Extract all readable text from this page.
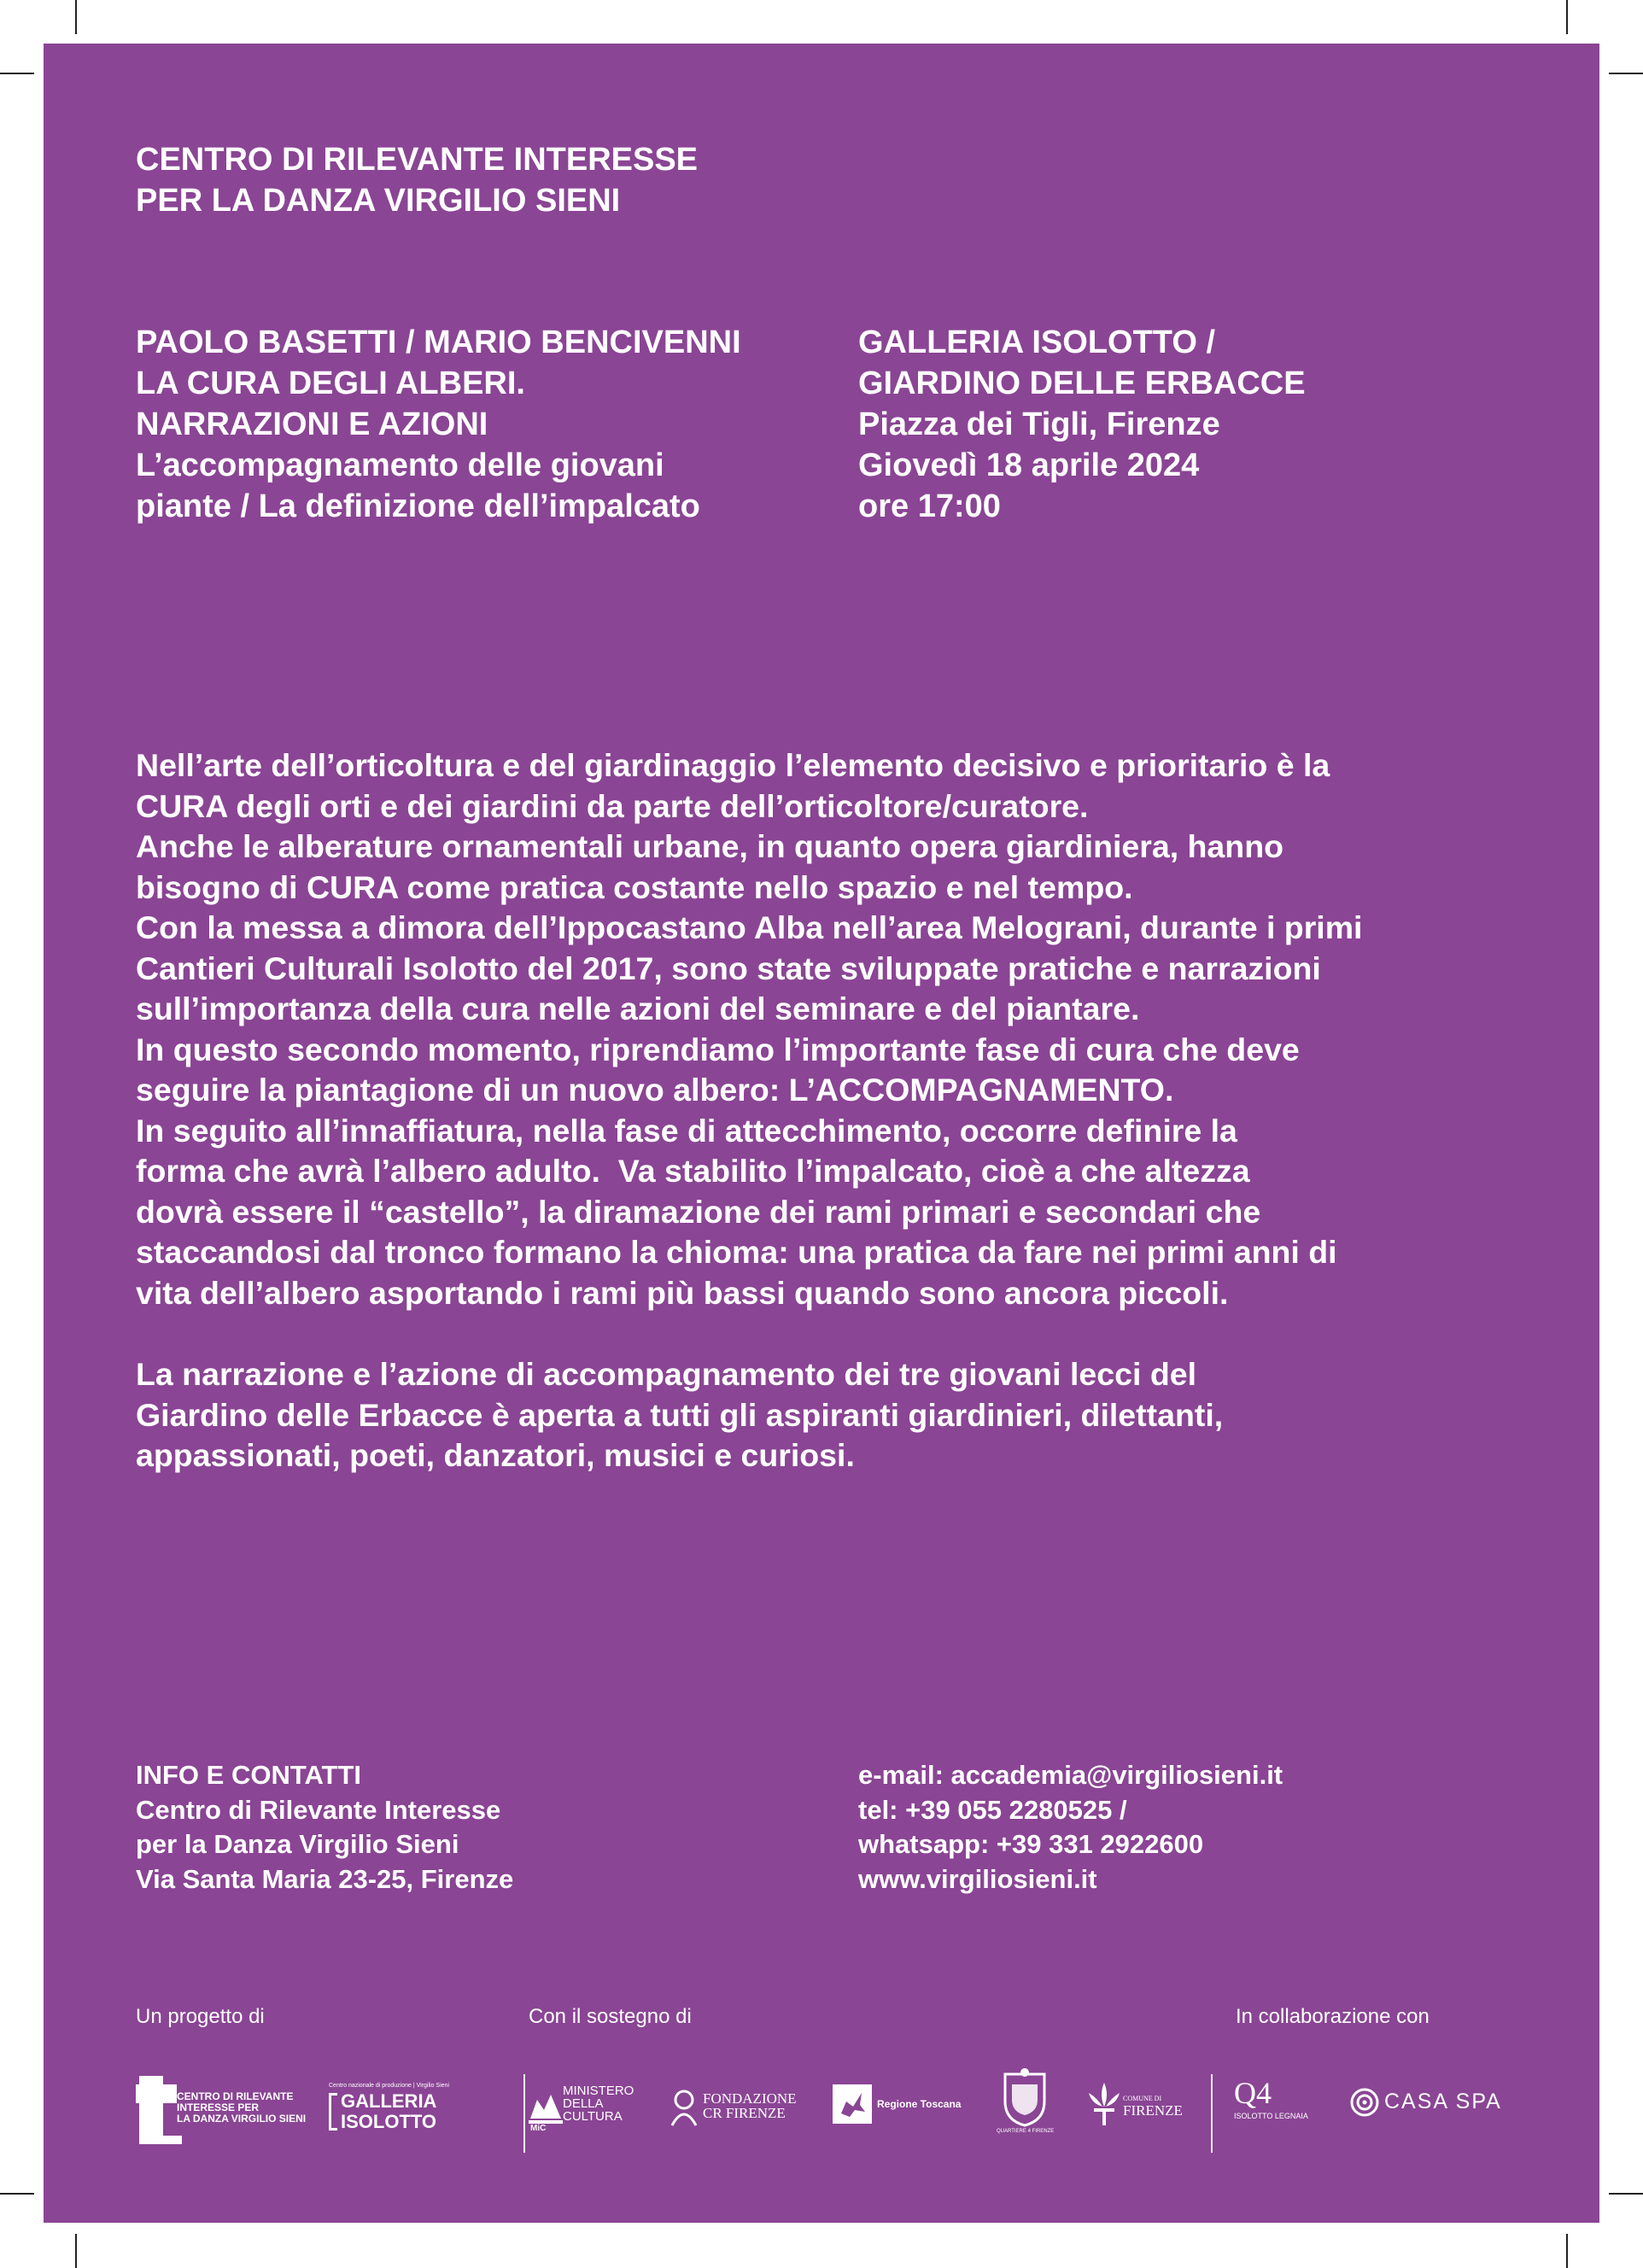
CENTRO DI RILEVANTE INTERESSE
PER LA DANZA VIRGILIO SIENI
PAOLO BASETTI / MARIO BENCIVENNI
LA CURA DEGLI ALBERI.
NARRAZIONI E AZIONI
L’accompagnamento delle giovani
piante / La definizione dell’impalcato
GALLERIA ISOLOTTO /
GIARDINO DELLE ERBACCE
Piazza dei Tigli, Firenze
Giovedì 18 aprile 2024
ore 17:00
Nell’arte dell’orticoltura e del giardinaggio l’elemento decisivo e prioritario è la
CURA degli orti e dei giardini da parte dell’orticoltore/curatore.
Anche le alberature ornamentali urbane, in quanto opera giardiniera, hanno
bisogno di CURA come pratica costante nello spazio e nel tempo.
Con la messa a dimora dell’Ippocastano Alba nell’area Melograni, durante i primi
Cantieri Culturali Isolotto del 2017, sono state sviluppate pratiche e narrazioni
sull’importanza della cura nelle azioni del seminare e del piantare.
In questo secondo momento, riprendiamo l’importante fase di cura che deve
seguire la piantagione di un nuovo albero: L’ACCOMPAGNAMENTO.
In seguito all’innaffiatura, nella fase di attecchimento, occorre definire la
forma che avrà l’albero adulto.  Va stabilito l’impalcato, cioè a che altezza
dovrà essere il “castello”, la diramazione dei rami primari e secondari che
staccandosi dal tronco formano la chioma: una pratica da fare nei primi anni di
vita dell’albero asportando i rami più bassi quando sono ancora piccoli.
La narrazione e l’azione di accompagnamento dei tre giovani lecci del
Giardino delle Erbacce è aperta a tutti gli aspiranti giardinieri, dilettanti,
appassionati, poeti, danzatori, musici e curiosi.
INFO E CONTATTI
Centro di Rilevante Interesse
per la Danza Virgilio Sieni
Via Santa Maria 23-25, Firenze
e-mail: accademia@virgiliosieni.it
tel: +39 055 2280525 /
whatsapp: +39 331 2922600
www.virgiliosieni.it
Un progetto di	Con il sostegno di	In collaborazione con
CENTRO DI RILEVANTE
INTERESSE PER
LA DANZA VIRGILIO SIENI
Centro nazionale di produzione | Virgilio Sieni
GALLERIA
ISOLOTTO	MiC
MINISTERO
DELLA
CULTURA
FONDAZIONE
CR FIRENZE
Regione Toscana
QUARTIERE 4 FIRENZE
COMUNE DI
FIRENZE
Q4
ISOLOTTO LEGNAIA
CASA SPA
